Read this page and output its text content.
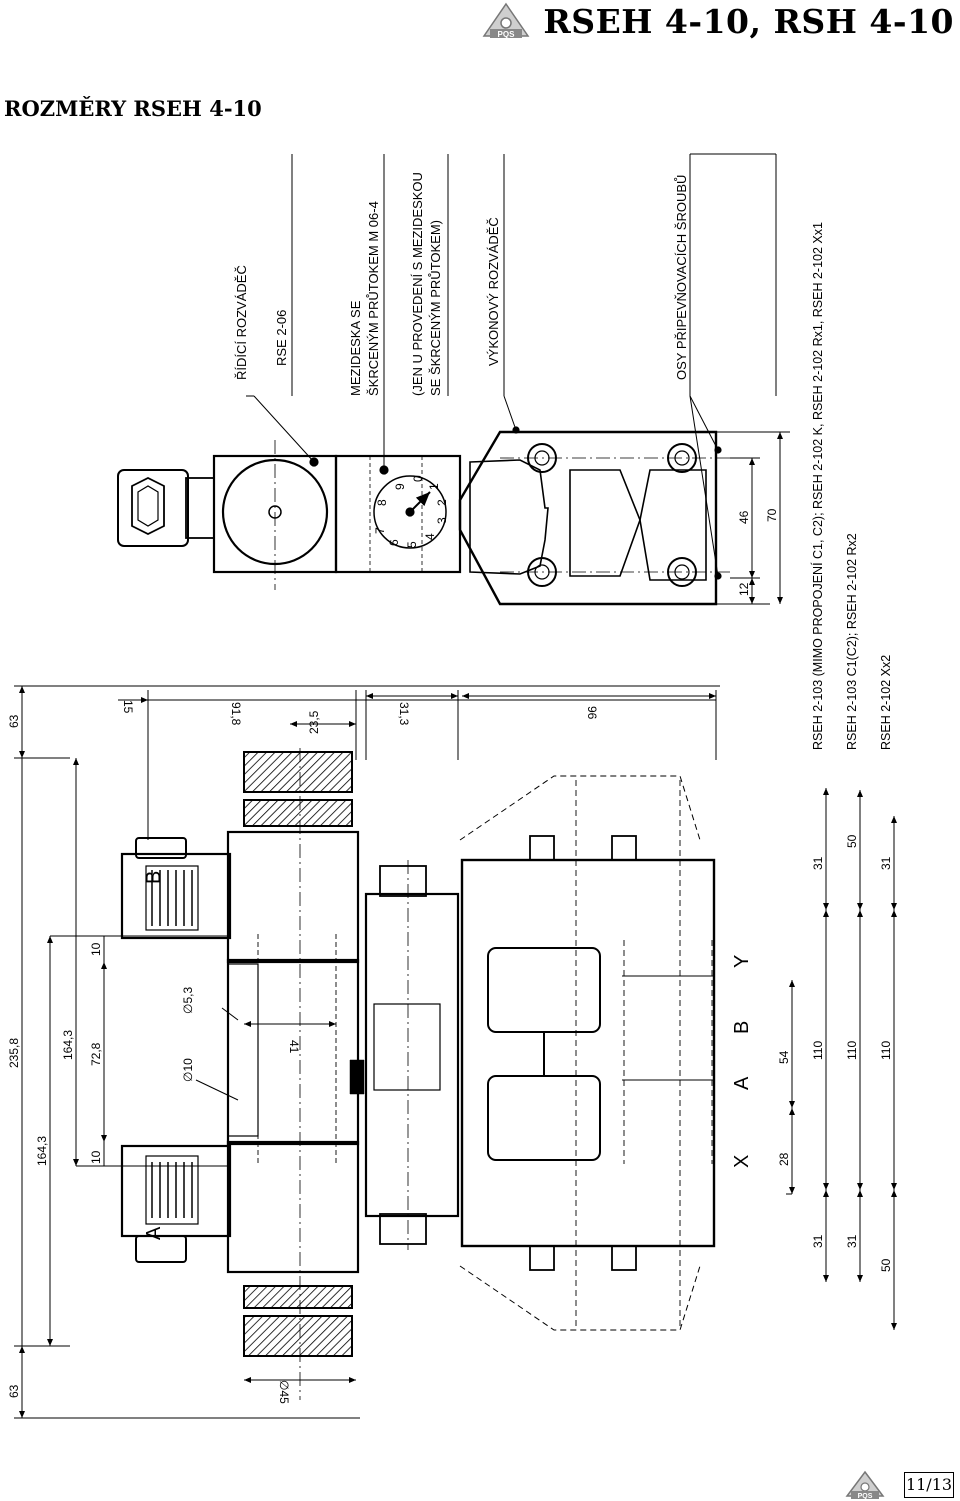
PQS RSEH 4-10, RSH 4-10
ROZMĚRY RSEH 4-10
ŘÍDÍCÍ ROZVÁDĚČ RSE 2-06	MEZIDESKA SE ŠKRCENÝM PRŮTOKEM M 06-4 (JEN U PROVEDENÍ S MEZIDESKOU SE ŠKRCENÝM PRŮTOKEM)	VÝKONOVÝ ROZVÁDĚČ	OSY PŘIPEVŇOVACÍCH ŠROUBŮ
0
1
2
3
4
5
6
7
8
9
63
235,8
63
164,3
164,3 72,8
10
10
∅10
∅5,3
15	91,8	23,5
41
31,3	96
∅45
12
46 70
28
54
31
110
31
50
110
31
31
110
50
X
A
B
Y
A
B
RSEH 2-103 (MIMO PROPOJENÍ C1, C2); RSEH 2-102 K, RSEH 2-102 Rx1, RSEH 2-102 Xx1 RSEH 2-103 C1(C2); RSEH 2-102 Rx2 RSEH 2-102 Xx2
PQS
11/13
